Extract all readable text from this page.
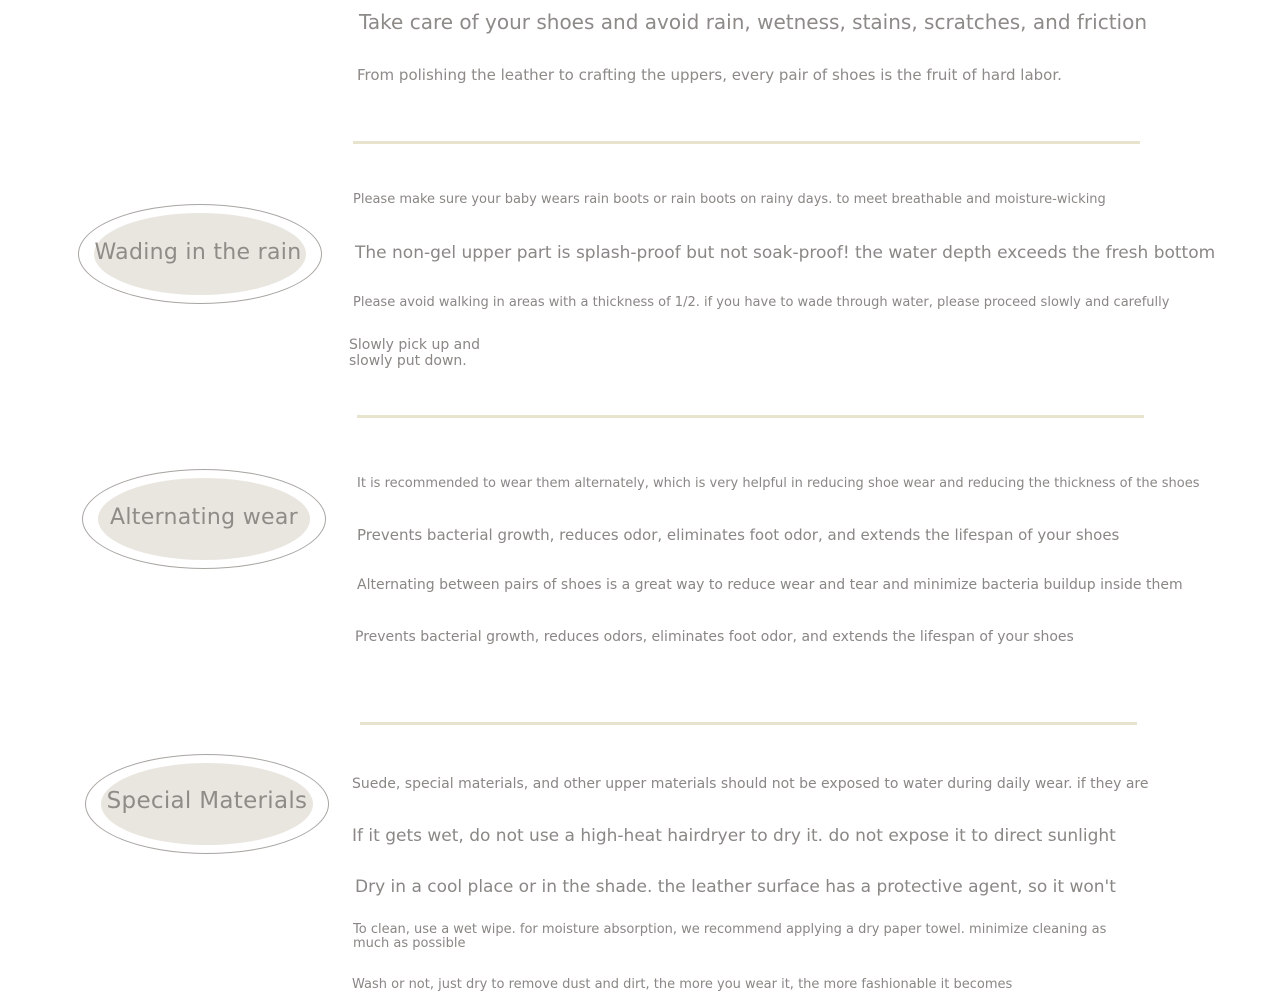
Take care of your shoes and avoid rain, wetness, stains, scratches, and friction

From polishing the leather to crafting the uppers, every pair of shoes is the fruit of hard labor.

Wading in the rain

Please make sure your baby wears rain boots or rain boots on rainy days. to meet breathable and moisture-wicking

The non-gel upper part is splash-proof but not soak-proof! the water depth exceeds the fresh bottom

Please avoid walking in areas with a thickness of 1/2. if you have to wade through water, please proceed slowly and carefully

Slowly pick up and slowly put down.

Alternating wear

It is recommended to wear them alternately, which is very helpful in reducing shoe wear and reducing the thickness of the shoes

Prevents bacterial growth, reduces odor, eliminates foot odor, and extends the lifespan of your shoes

Alternating between pairs of shoes is a great way to reduce wear and tear and minimize bacteria buildup inside them

Prevents bacterial growth, reduces odors, eliminates foot odor, and extends the lifespan of your shoes

Special Materials

Suede, special materials, and other upper materials should not be exposed to water during daily wear. if they are

If it gets wet, do not use a high-heat hairdryer to dry it. do not expose it to direct sunlight

Dry in a cool place or in the shade. the leather surface has a protective agent, so it won't

To clean, use a wet wipe. for moisture absorption, we recommend applying a dry paper towel. minimize cleaning as much as possible

Wash or not, just dry to remove dust and dirt, the more you wear it, the more fashionable it becomes
